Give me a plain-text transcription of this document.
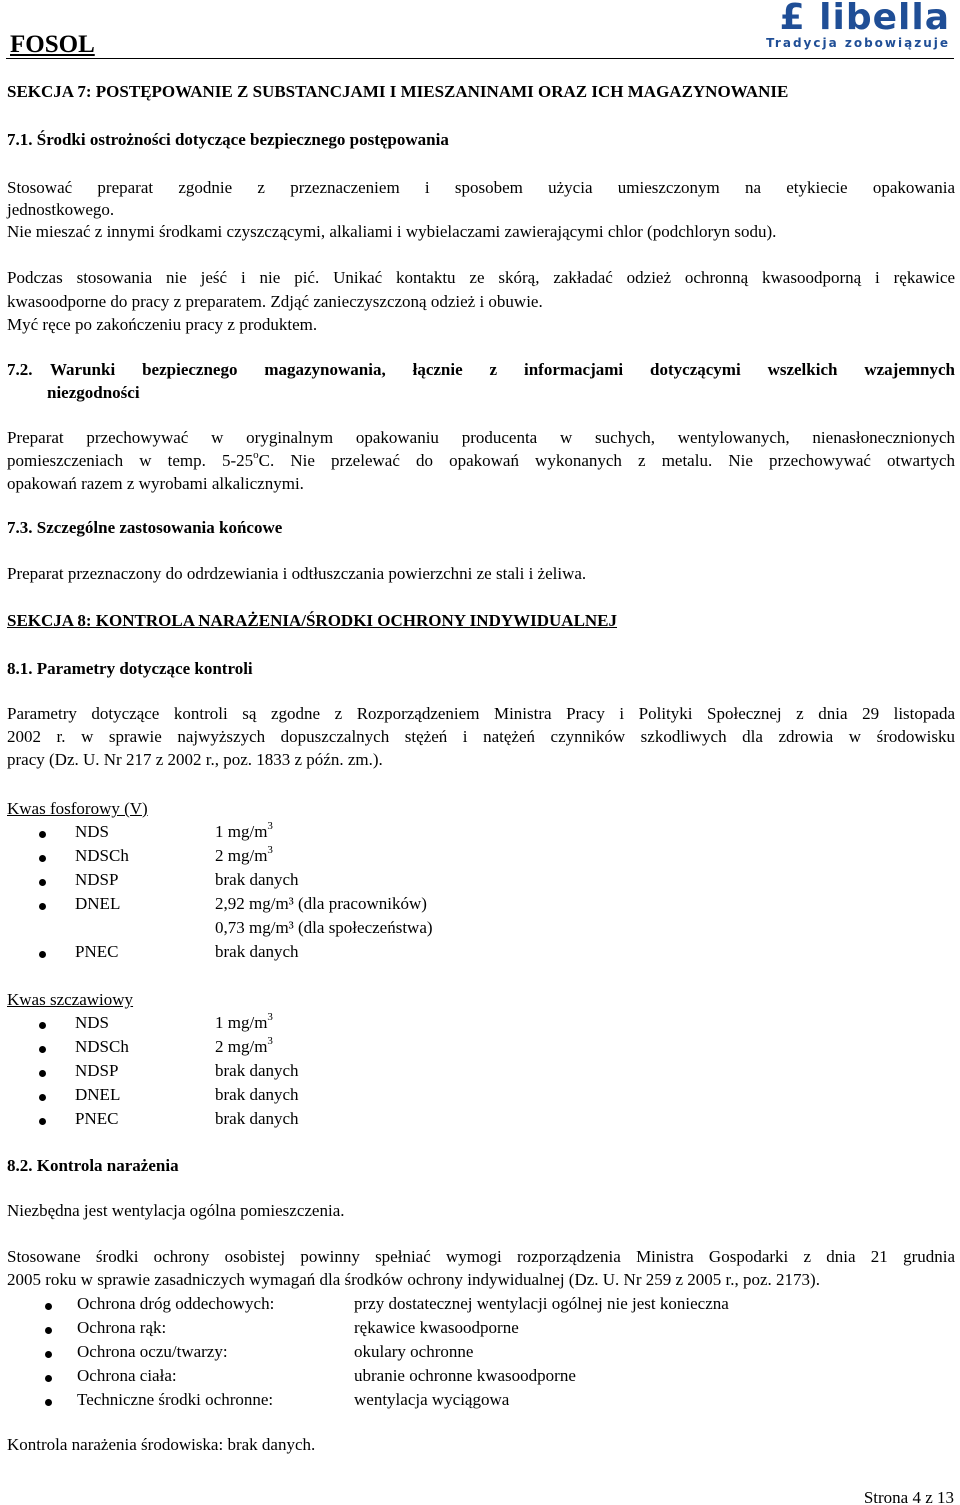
FOSOL
£ libella
Tradycja zobowiązuje
SEKCJA 7: POSTĘPOWANIE Z SUBSTANCJAMI I MIESZANINAMI ORAZ ICH MAGAZYNOWANIE
7.1. Środki ostrożności dotyczące bezpiecznego postępowania
Stosować preparat zgodnie z przeznaczeniem i sposobem użycia umieszczonym na etykiecie opakowania
jednostkowego.
Nie mieszać z innymi środkami czyszczącymi, alkaliami i wybielaczami zawierającymi chlor (podchloryn sodu).
Podczas stosowania nie jeść i nie pić. Unikać kontaktu ze skórą, zakładać odzież ochronną kwasoodporną i rękawice
kwasoodporne do pracy z preparatem. Zdjąć zanieczyszczoną odzież i obuwie.
Myć ręce po zakończeniu pracy z produktem.
7.2.	Warunki bezpiecznego magazynowania, łącznie z informacjami dotyczącymi wszelkich wzajemnych
niezgodności
Preparat przechowywać w oryginalnym opakowaniu producenta w suchych, wentylowanych, nienasłonecznionych
pomieszczeniach w temp. 5-25$^o$C. Nie przelewać do opakowań wykonanych z metalu. Nie przechowywać otwartych
opakowań razem z wyrobami alkalicznymi.
7.3. Szczególne zastosowania końcowe
Preparat przeznaczony do odrdzewiania i odtłuszczania powierzchni ze stali i żeliwa.
SEKCJA 8: KONTROLA NARAŻENIA/ŚRODKI OCHRONY INDYWIDUALNEJ
8.1. Parametry dotyczące kontroli
Parametry dotyczące kontroli są zgodne z Rozporządzeniem Ministra Pracy i Polityki Społecznej z dnia 29 listopada
2002 r. w sprawie najwyższych dopuszczalnych stężeń i natężeń czynników szkodliwych dla zdrowia w środowisku
pracy (Dz. U. Nr 217 z 2002 r., poz. 1833 z późn. zm.).
Kwas fosforowy (V)
NDS	1 $mg/m^3$
NDSCh	2 $mg/m^3$
NDSP	brak danych
DNEL	2,92 mg/m³ (dla pracowników)
0,73 mg/m³ (dla społeczeństwa)
PNEC	brak danych
Kwas szczawiowy
NDS	1 $mg/m^3$
NDSCh	2 $mg/m^3$
NDSP	brak danych
DNEL	brak danych
PNEC	brak danych
8.2. Kontrola narażenia
Niezbędna jest wentylacja ogólna pomieszczenia.
Stosowane środki ochrony osobistej powinny spełniać wymogi rozporządzenia Ministra Gospodarki z dnia 21 grudnia
2005 roku w sprawie zasadniczych wymagań dla środków ochrony indywidualnej (Dz. U. Nr 259 z 2005 r., poz. 2173).
Ochrona dróg oddechowych:	przy dostatecznej wentylacji ogólnej nie jest konieczna
Ochrona rąk:	rękawice kwasoodporne
Ochrona oczu/twarzy:	okulary ochronne
Ochrona ciała:	ubranie ochronne kwasoodporne
Techniczne środki ochronne:	wentylacja wyciągowa
Kontrola narażenia środowiska: brak danych.
Strona 4 z 13
